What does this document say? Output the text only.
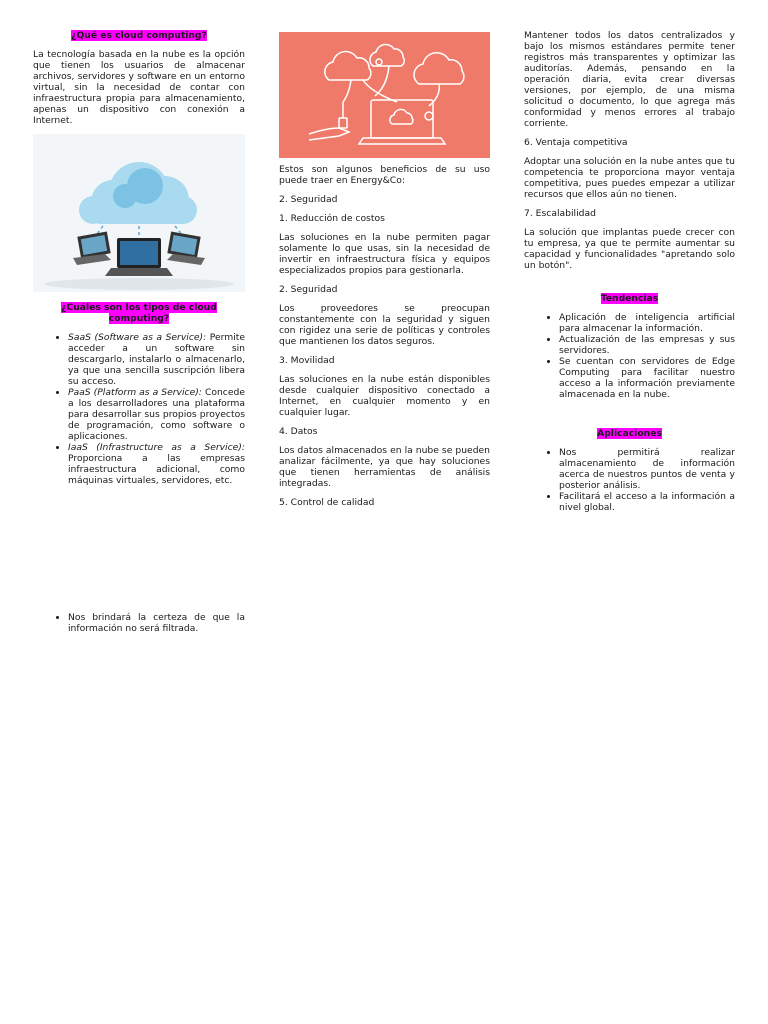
¿Qué es cloud computing?

La tecnología basada en la nube es la opción que tienen los usuarios de almacenar archivos, servidores y software en un entorno virtual, sin la necesidad de contar con infraestructura propia para almacenamiento, apenas un dispositivo con conexión a Internet.

¿Cuáles son los tipos de cloud computing?
• SaaS (Software as a Service): Permite acceder a un software sin descargarlo, instalarlo o almacenarlo, ya que una sencilla suscripción libera su acceso.
• PaaS (Platform as a Service): Concede a los desarrolladores una plataforma para desarrollar sus propios proyectos de programación, como software o aplicaciones.
• IaaS (Infrastructure as a Service): Proporciona a las empresas infraestructura adicional, como máquinas virtuales, servidores, etc.
• Nos brindará la certeza de que la información no será filtrada.

Estos son algunos beneficios de su uso puede traer en Energy&Co:

2. Seguridad

1. Reducción de costos

Las soluciones en la nube permiten pagar solamente lo que usas, sin la necesidad de invertir en infraestructura física y equipos especializados propios para gestionarla.

2. Seguridad

Los proveedores se preocupan constantemente con la seguridad y siguen con rigidez una serie de políticas y controles que mantienen los datos seguros.

3. Movilidad

Las soluciones en la nube están disponibles desde cualquier dispositivo conectado a Internet, en cualquier momento y en cualquier lugar.

4. Datos

Los datos almacenados en la nube se pueden analizar fácilmente, ya que hay soluciones que tienen herramientas de análisis integradas.

5. Control de calidad

Mantener todos los datos centralizados y bajo los mismos estándares permite tener registros más transparentes y optimizar las auditorías. Además, pensando en la operación diaria, evita crear diversas versiones, por ejemplo, de una misma solicitud o documento, lo que agrega más conformidad y menos errores al trabajo corriente.

6. Ventaja competitiva

Adoptar una solución en la nube antes que tu competencia te proporciona mayor ventaja competitiva, pues puedes empezar a utilizar recursos que ellos aún no tienen.

7. Escalabilidad

La solución que implantas puede crecer con tu empresa, ya que te permite aumentar su capacidad y funcionalidades "apretando solo un botón".

Tendencias
• Aplicación de inteligencia artificial para almacenar la información.
• Actualización de las empresas y sus servidores.
• Se cuentan con servidores de Edge Computing para facilitar nuestro acceso a la información previamente almacenada en la nube.
Aplicaciones
• Nos permitirá realizar almacenamiento de información acerca de nuestros puntos de venta y posterior análisis.
• Facilitará el acceso a la información a nivel global.
